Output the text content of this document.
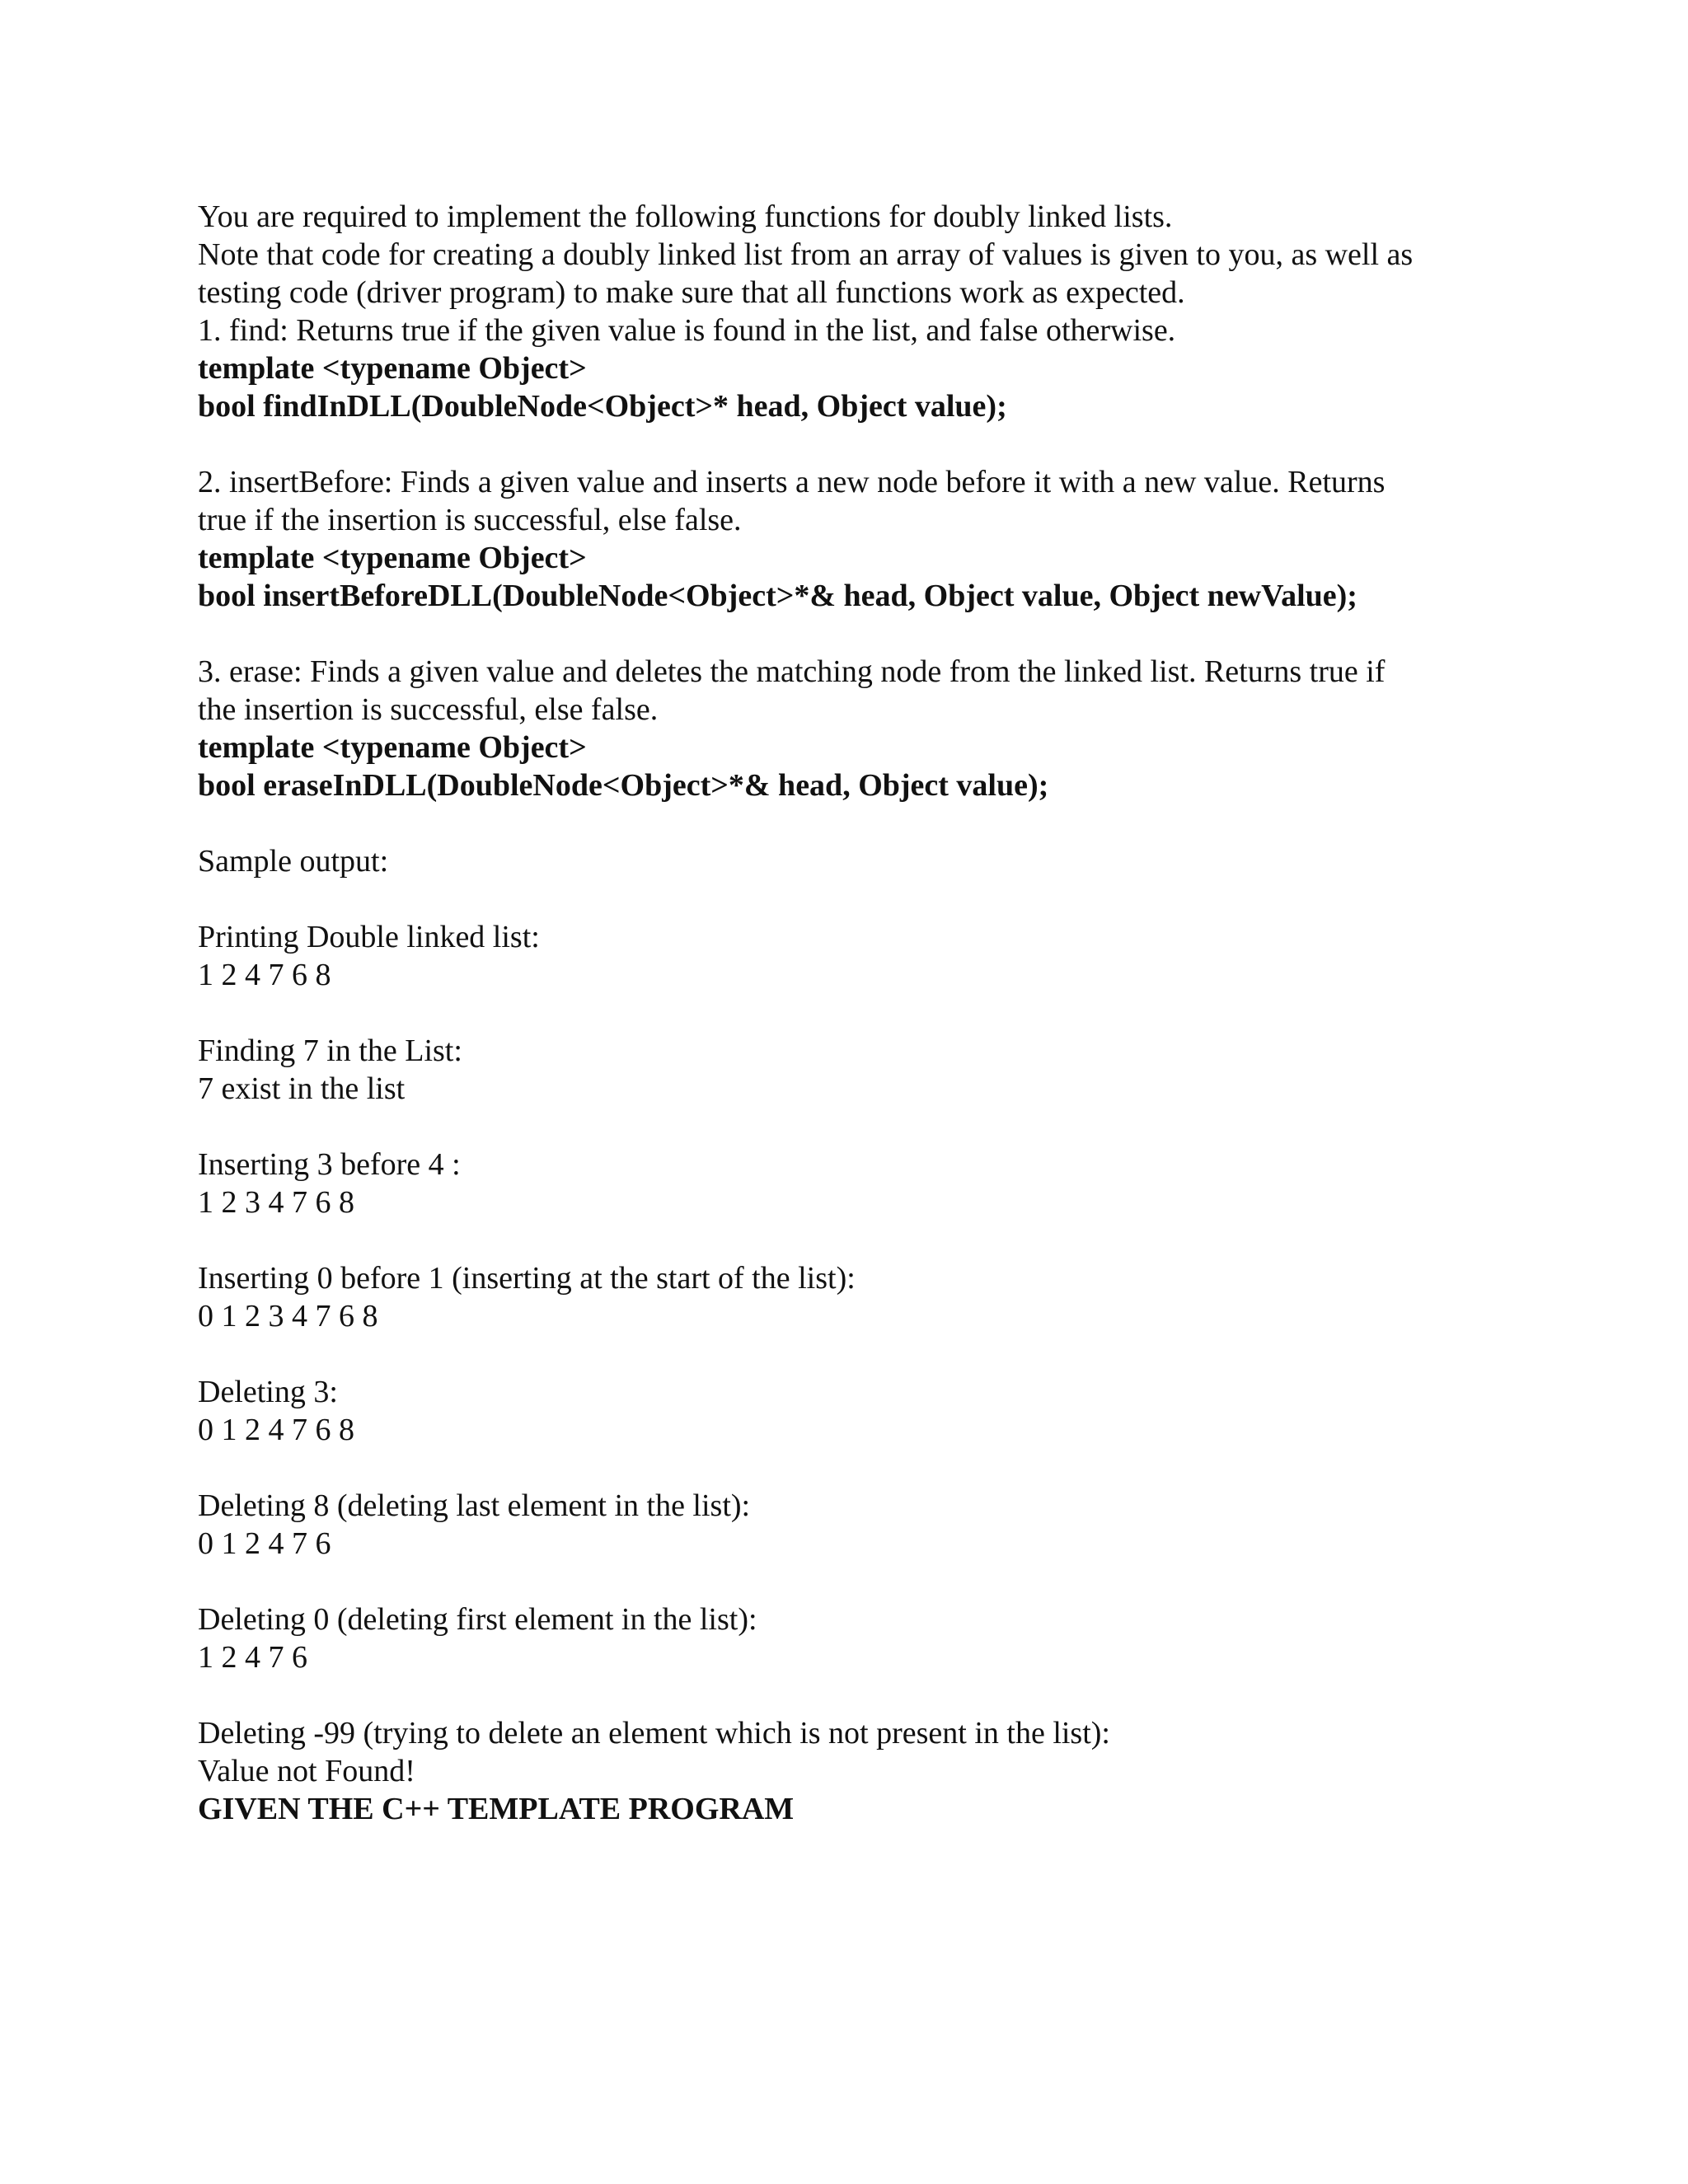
You are required to implement the following functions for doubly linked lists.
Note that code for creating a doubly linked list from an array of values is given to you, as well as
testing code (driver program) to make sure that all functions work as expected.
1. find: Returns true if the given value is found in the list, and false otherwise.
template <typename Object>
bool findInDLL(DoubleNode<Object>* head, Object value);
2. insertBefore: Finds a given value and inserts a new node before it with a new value. Returns
true if the insertion is successful, else false.
template <typename Object>
bool insertBeforeDLL(DoubleNode<Object>*& head, Object value, Object newValue);
3. erase: Finds a given value and deletes the matching node from the linked list. Returns true if
the insertion is successful, else false.
template <typename Object>
bool eraseInDLL(DoubleNode<Object>*& head, Object value);
Sample output:
Printing Double linked list:
1 2 4 7 6 8
Finding 7 in the List:
7 exist in the list
Inserting 3 before 4 :
1 2 3 4 7 6 8
Inserting 0 before 1 (inserting at the start of the list):
0 1 2 3 4 7 6 8
Deleting 3:
0 1 2 4 7 6 8
Deleting 8 (deleting last element in the list):
0 1 2 4 7 6
Deleting 0 (deleting first element in the list):
1 2 4 7 6
Deleting -99 (trying to delete an element which is not present in the list):
Value not Found!
GIVEN THE C++ TEMPLATE PROGRAM
